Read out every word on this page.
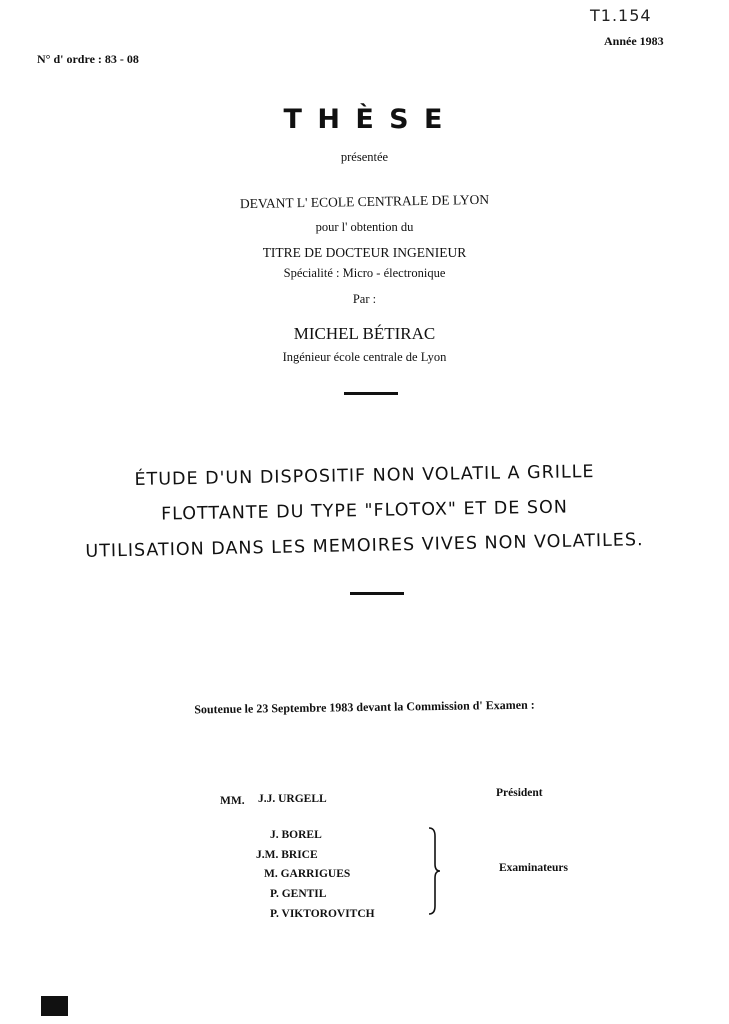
T1.154
Année 1983
N° d' ordre : 83 - 08
T H È S E
présentée
DEVANT L' ECOLE CENTRALE DE LYON
pour l' obtention du
TITRE DE DOCTEUR INGENIEUR
Spécialité : Micro - électronique
Par :
MICHEL BÉTIRAC
Ingénieur école centrale de Lyon
ÉTUDE D'UN DISPOSITIF NON VOLATIL A GRILLE
FLOTTANTE DU TYPE "FLOTOX" ET DE SON
UTILISATION DANS LES MEMOIRES VIVES NON VOLATILES.
Soutenue le 23 Septembre 1983 devant la Commission d' Examen :
MM. J.J. URGELL	Président
J. BOREL
J.M. BRICE
M. GARRIGUES
P. GENTIL
P. VIKTOROVITCH
Examinateurs
